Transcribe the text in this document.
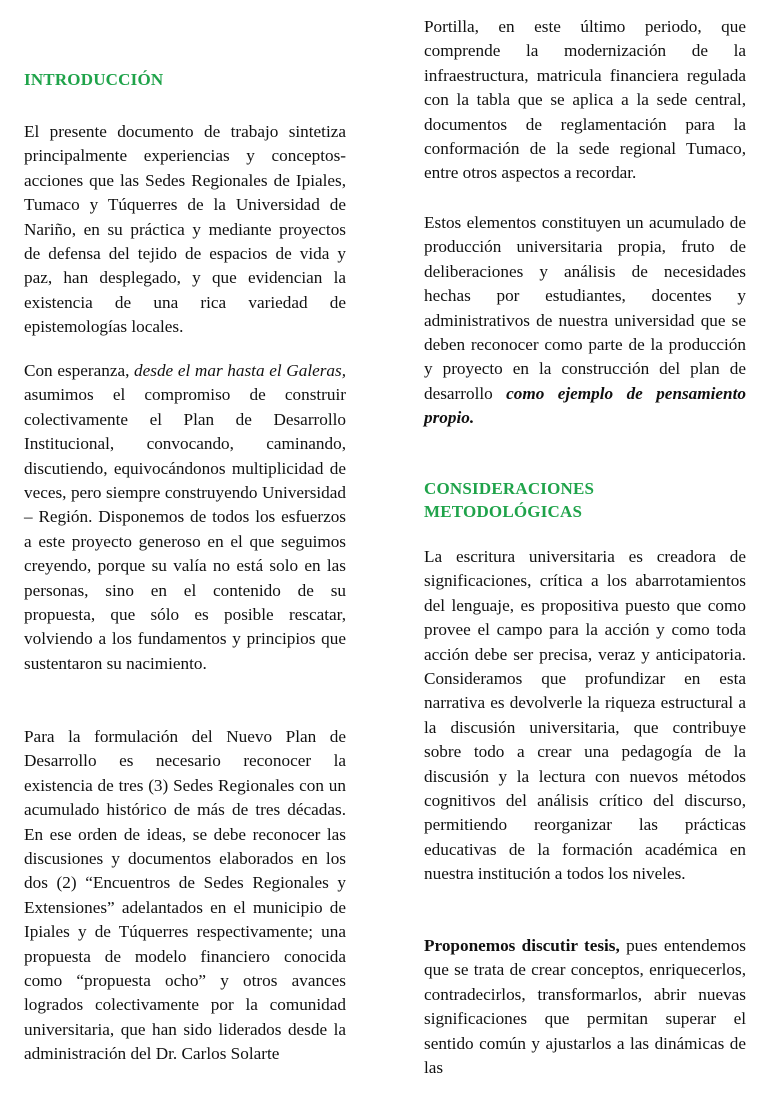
INTRODUCCIÓN

El presente documento de trabajo sintetiza principalmente experiencias y conceptos-acciones que las Sedes Regionales de Ipiales, Tumaco y Túquerres de la Universidad de Nariño, en su práctica y mediante proyectos de defensa del tejido de espacios de vida y paz, han desplegado, y que evidencian la existencia de una rica variedad de epistemologías locales.

Con esperanza, desde el mar hasta el Galeras, asumimos el compromiso de construir colectivamente el Plan de Desarrollo Institucional, convocando, caminando, discutiendo, equivocándonos multiplicidad de veces, pero siempre construyendo Universidad – Región. Disponemos de todos los esfuerzos a este proyecto generoso en el que seguimos creyendo, porque su valía no está solo en las personas, sino en el contenido de su propuesta, que sólo es posible rescatar, volviendo a los fundamentos y principios que sustentaron su nacimiento.

Para la formulación del Nuevo Plan de Desarrollo es necesario reconocer la existencia de tres (3) Sedes Regionales con un acumulado histórico de más de tres décadas. En ese orden de ideas, se debe reconocer las discusiones y documentos elaborados en los dos (2) “Encuentros de Sedes Regionales y Extensiones” adelantados en el municipio de Ipiales y de Túquerres respectivamente; una propuesta de modelo financiero conocida como “propuesta ocho” y otros avances logrados colectivamente por la comunidad universitaria, que han sido liderados desde la administración del Dr. Carlos Solarte

Portilla, en este último periodo, que comprende la modernización de la infraestructura, matricula financiera regulada con la tabla que se aplica a la sede central, documentos de reglamentación para la conformación de la sede regional Tumaco, entre otros aspectos a recordar.

Estos elementos constituyen un acumulado de producción universitaria propia, fruto de deliberaciones y análisis de necesidades hechas por estudiantes, docentes y administrativos de nuestra universidad que se deben reconocer como parte de la producción y proyecto en la construcción del plan de desarrollo como ejemplo de pensamiento propio.

CONSIDERACIONES
METODOLÓGICAS

La escritura universitaria es creadora de significaciones, crítica a los abarrotamientos del lenguaje, es propositiva puesto que como provee el campo para la acción y como toda acción debe ser precisa, veraz y anticipatoria. Consideramos que profundizar en esta narrativa es devolverle la riqueza estructural a la discusión universitaria, que contribuye sobre todo a crear una pedagogía de la discusión y la lectura con nuevos métodos cognitivos del análisis crítico del discurso, permitiendo reorganizar las prácticas educativas de la formación académica en nuestra institución a todos los niveles.

Proponemos discutir tesis, pues entendemos que se trata de crear conceptos, enriquecerlos, contradecirlos, transformarlos, abrir nuevas significaciones que permitan superar el sentido común y ajustarlos a las dinámicas de las
